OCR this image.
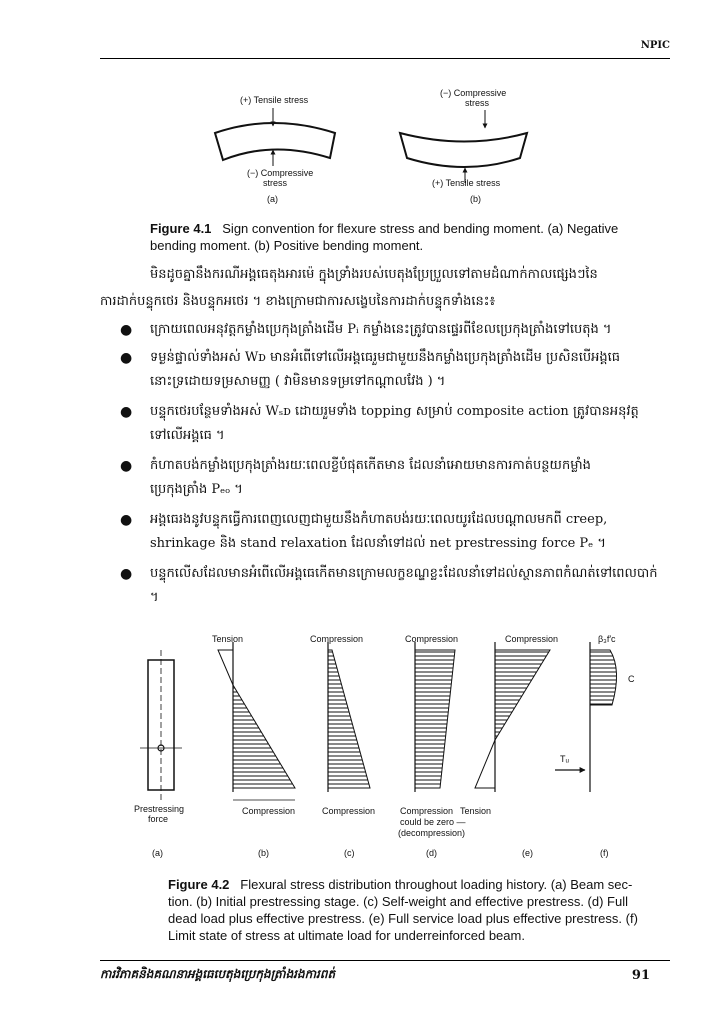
NPIC
(+) Tensile stress
(−) Compressive
stress
(a)
(−) Compressive
stress
(+) Tensile stress
(b)
Figure 4.1 Sign convention for flexure stress and bending moment. (a) Negative
bending moment. (b) Positive bending moment.
មិនដូចគ្នានឹងករណីអង្គធេតុងអារម៉េ ក្នុងទ្រាំងរបស់បេតុងប្រែប្រួលទៅតាមដំណាក់កាលផ្សេងៗនៃ
ការដាក់បន្ទុកថេរ និងបន្ទុកអថេរ ។ ខាងក្រោមជាការសង្ខេបនៃការដាក់បន្ទុកទាំងនេះ៖
● ក្រោយពេលអនុវត្តកម្លាំងប្រេកុងត្រាំងដើម Pᵢ កម្លាំងនេះត្រូវបានផ្ទេរពីខែលប្រេកុងត្រាំងទៅបេតុង ។
● ទម្ងន់ផ្ទាល់ទាំងអស់ Wᴅ មានអំពើទៅលើអង្គធេរួមជាមួយនឹងកម្លាំងប្រេកុងត្រាំងដើម ប្រសិនបើអង្គធេ
នោះទ្រដោយទម្រសាមញ្ញ ( វាមិនមានទម្រទៅកណ្តាលវែង ) ។
● បន្ទុកថេរបន្ថែមទាំងអស់ Wₛᴅ ដោយរួមទាំង topping សម្រាប់ composite action ត្រូវបានអនុវត្ត
ទៅលើអង្គធេ ។
● កំហាតបង់កម្លាំងប្រេកុងត្រាំងរយៈពេលខ្លីបំផុតកើតមាន ដែលនាំអោយមានការកាត់បន្ថយកម្លាំង
ប្រេកុងត្រាំង Pₑₒ ។
● អង្គធេរងនូវបន្ទុកធ្វើការពេញលេញជាមួយនឹងកំហាតបង់រយៈពេលយូរដែលបណ្តាលមកពី creep,
shrinkage និង stand relaxation ដែលនាំទៅដល់ net prestressing force Pₑ ។
● បន្ទុកលើសដែលមានអំពើលើអង្គធេកើតមានក្រោមលក្ខខណ្ឌខ្លះដែលនាំទៅដល់ស្ថានភាពកំណត់ទៅពេលបាក់ ។
Prestressing
force
(a)
Tension
Compression
(b)
Compression
Compression
(c)
Compression
Compression
could be zero —
(decompression)
(d)
Compression
Tension
(e)
β₃f′c
C
Tᵤ
(f)
Figure 4.2 Flexural stress distribution throughout loading history. (a) Beam sec-
tion. (b) Initial prestressing stage. (c) Self-weight and effective prestress. (d) Full
dead load plus effective prestress. (e) Full service load plus effective prestress. (f)
Limit state of stress at ultimate load for underreinforced beam.
ការវិភាគនិងគណនាអង្គធេបេតុងប្រេកុងត្រាំងរងការពត់	91
